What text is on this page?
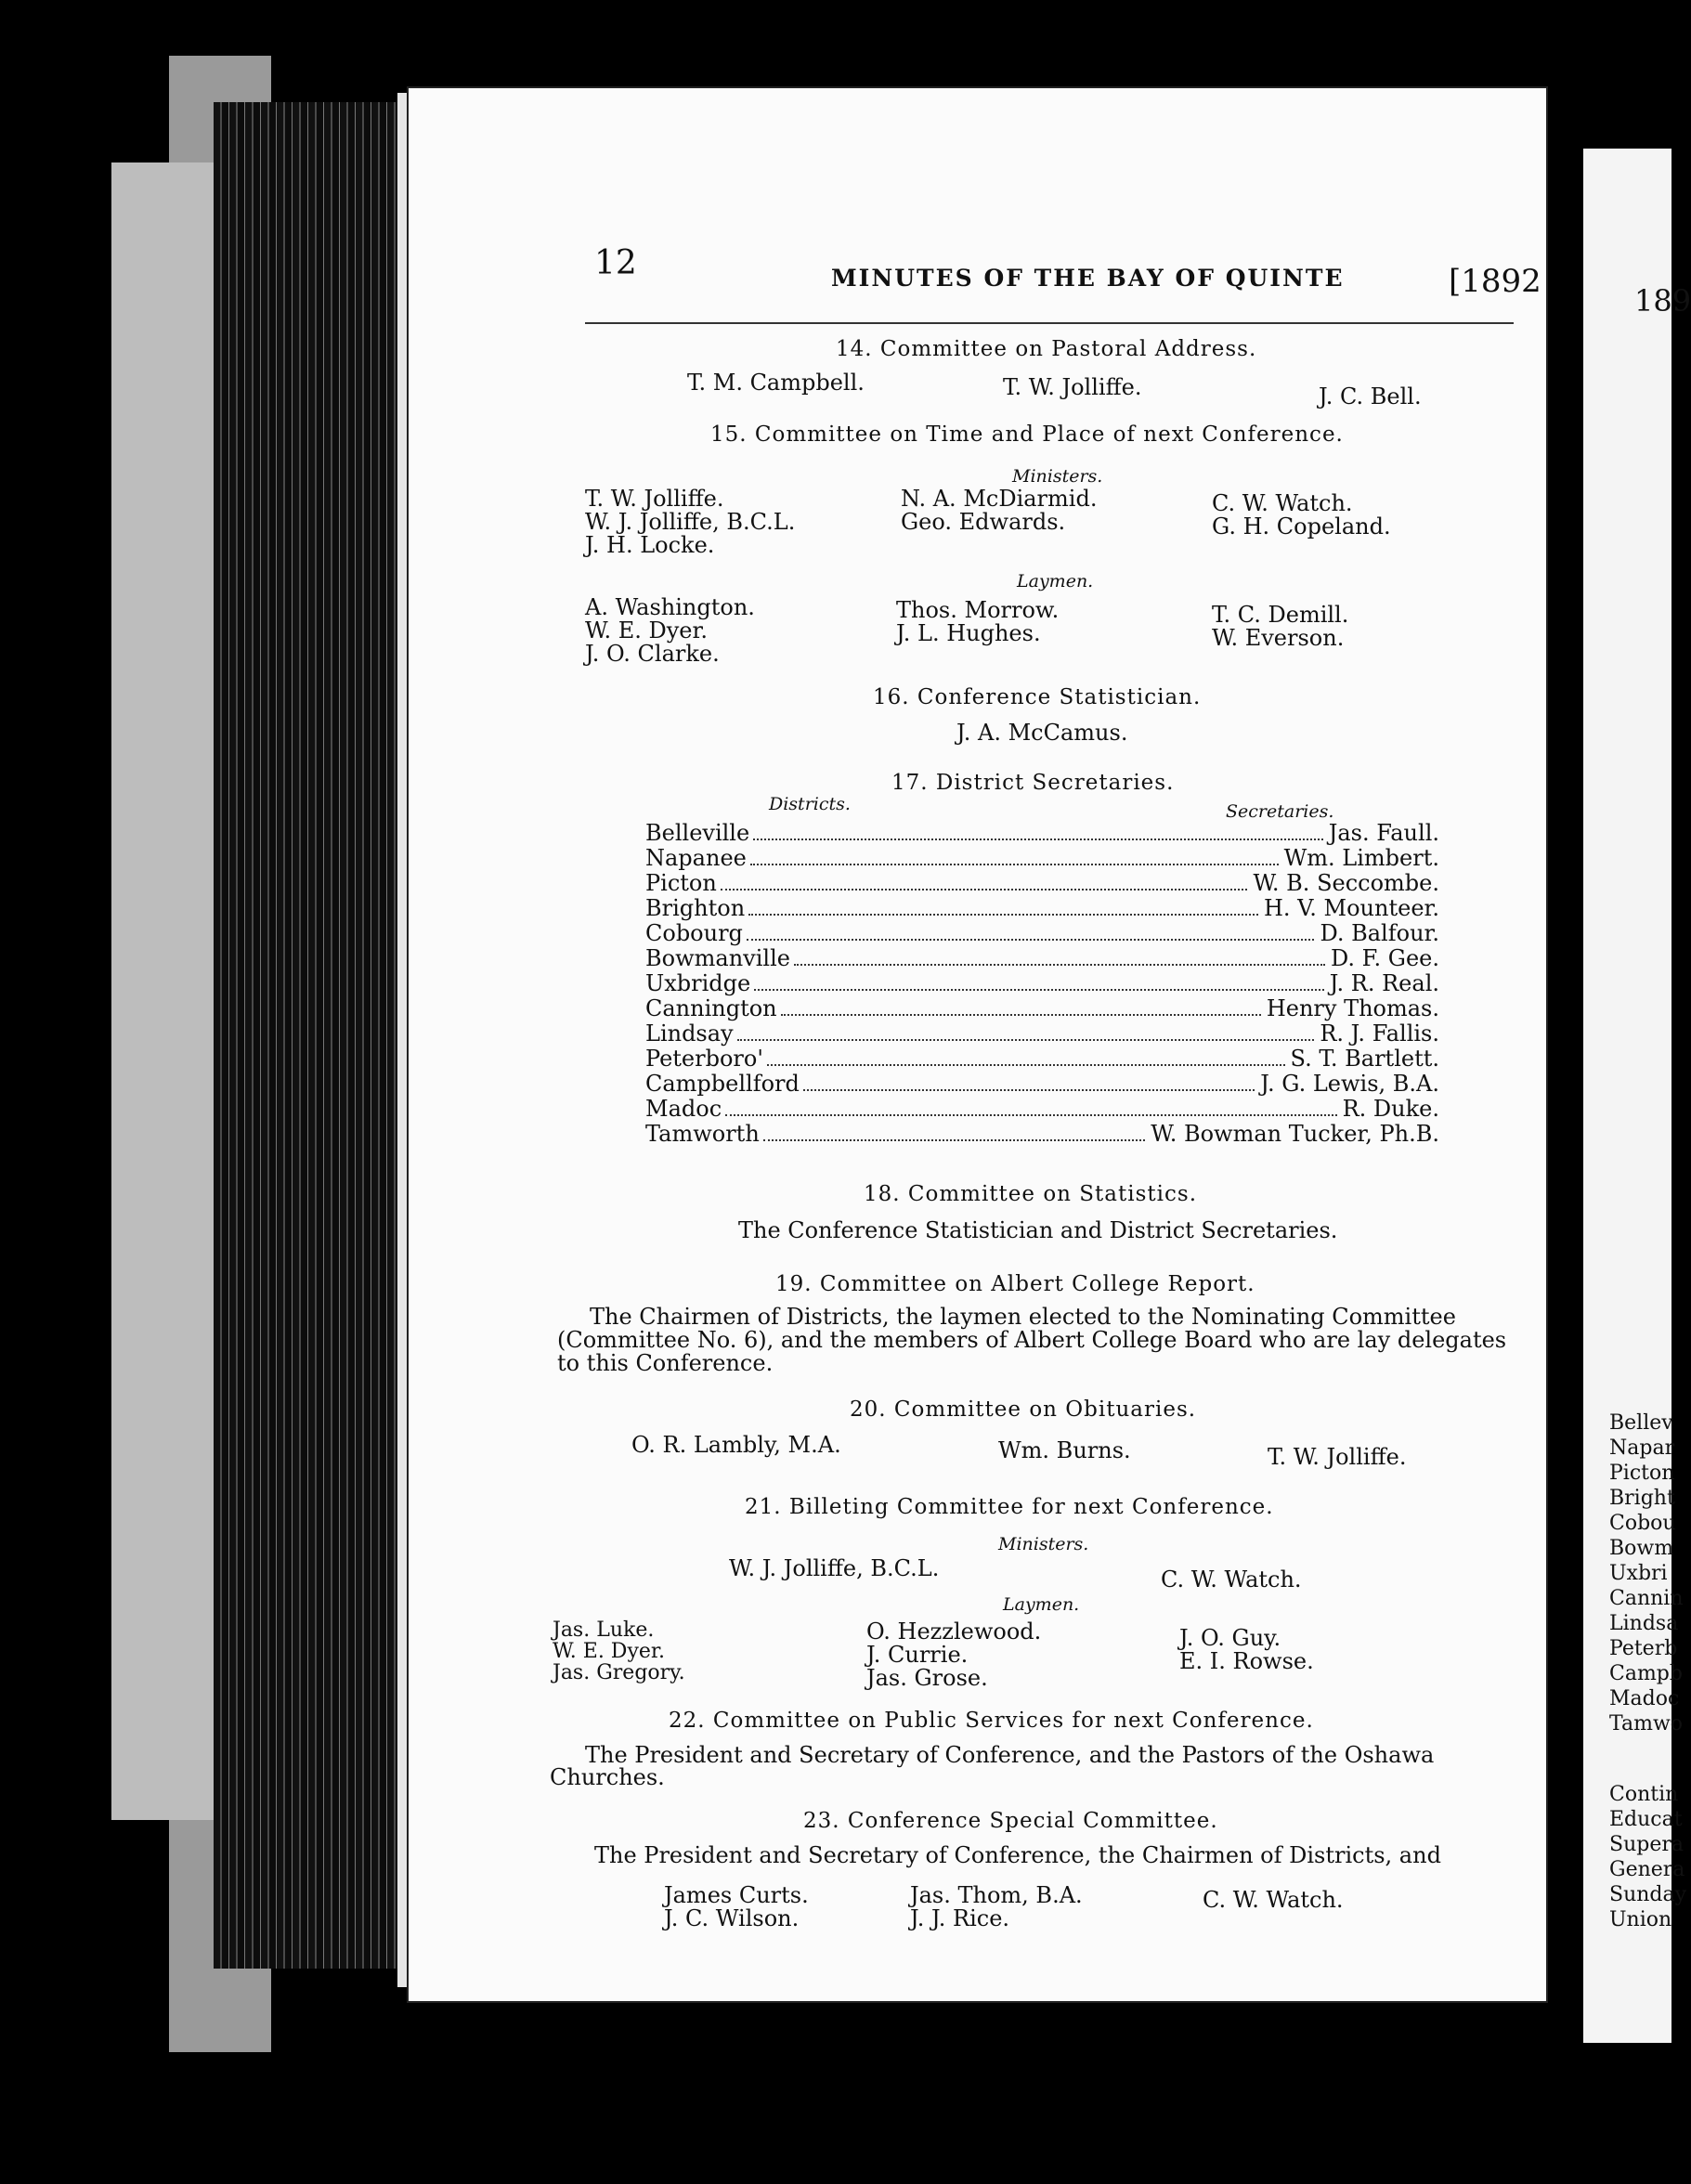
189
Bellev
Napar
Picton
Bright
Cobou
Bowm
Uxbri
Cannin
Lindsa
Peterb
Campb
Madoc
Tamwo
Contin
Educat
Supera
Genera
Sunday
Union
12	MINUTES OF THE BAY OF QUINTE	[1892
14. Committee on Pastoral Address.
T. M. Campbell.	T. W. Jolliffe.	J. C. Bell.
15. Committee on Time and Place of next Conference.
Ministers.
T. W. Jolliffe.
W. J. Jolliffe, B.C.L.
J. H. Locke.
N. A. McDiarmid.
Geo. Edwards.
C. W. Watch.
G. H. Copeland.
Laymen.
A. Washington.
W. E. Dyer.
J. O. Clarke.
Thos. Morrow.
J. L. Hughes.
T. C. Demill.
W. Everson.
16. Conference Statistician.
J. A. McCamus.
17. District Secretaries.
Districts.	Secretaries.
Belleville	Jas. Faull.
Napanee	Wm. Limbert.
Picton	W. B. Seccombe.
Brighton	H. V. Mounteer.
Cobourg	D. Balfour.
Bowmanville	D. F. Gee.
Uxbridge	J. R. Real.
Cannington	Henry Thomas.
Lindsay	R. J. Fallis.
Peterboro'	S. T. Bartlett.
Campbellford	J. G. Lewis, B.A.
Madoc	R. Duke.
Tamworth	W. Bowman Tucker, Ph.B.
18. Committee on Statistics.
The Conference Statistician and District Secretaries.
19. Committee on Albert College Report.
The Chairmen of Districts, the laymen elected to the Nominating Committee
(Committee No. 6), and the members of Albert College Board who are lay delegates
to this Conference.
20. Committee on Obituaries.
O. R. Lambly, M.A.	Wm. Burns.	T. W. Jolliffe.
21. Billeting Committee for next Conference.
Ministers.
W. J. Jolliffe, B.C.L.	C. W. Watch.
Laymen.
Jas. Luke.
W. E. Dyer.
Jas. Gregory.
O. Hezzlewood.
J. Currie.
Jas. Grose.
J. O. Guy.
E. I. Rowse.
22. Committee on Public Services for next Conference.
The President and Secretary of Conference, and the Pastors of the Oshawa
Churches.
23. Conference Special Committee.
The President and Secretary of Conference, the Chairmen of Districts, and
James Curts.
J. C. Wilson.
Jas. Thom, B.A.
J. J. Rice.
C. W. Watch.
